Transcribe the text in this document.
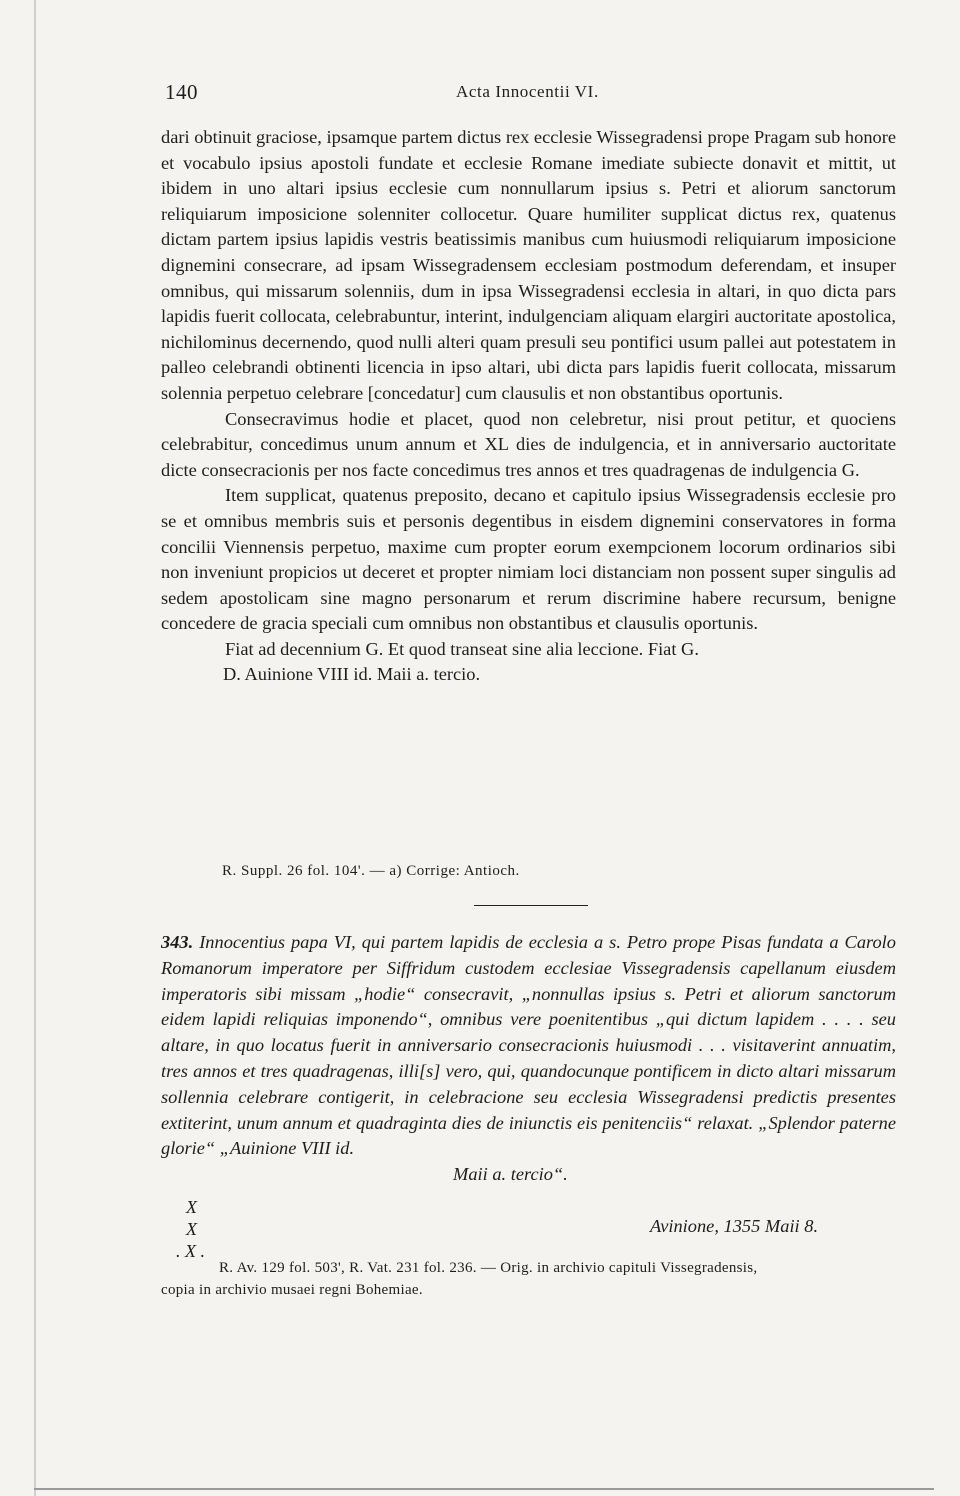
140	Acta Innocentii VI.

dari obtinuit graciose, ipsamque partem dictus rex ecclesie Wissegradensi prope Pragam sub honore et vocabulo ipsius apostoli fundate et ecclesie Romane imediate subiecte donavit et mittit, ut ibidem in uno altari ipsius ecclesie cum nonnullarum ipsius s. Petri et aliorum sanctorum reliquiarum imposicione solenniter collocetur. Quare humiliter supplicat dictus rex, quatenus dictam partem ipsius lapidis vestris beatissimis manibus cum huiusmodi reliquiarum imposicione dignemini consecrare, ad ipsam Wissegradensem ecclesiam postmodum deferendam, et insuper omnibus, qui missarum solenniis, dum in ipsa Wissegradensi ecclesia in altari, in quo dicta pars lapidis fuerit collocata, celebrabuntur, interint, indulgenciam aliquam elargiri auctoritate apostolica, nichilominus decernendo, quod nulli alteri quam presuli seu pontifici usum pallei aut potestatem in palleo celebrandi obtinenti licencia in ipso altari, ubi dicta pars lapidis fuerit collocata, missarum solennia perpetuo celebrare [concedatur] cum clausulis et non obstantibus oportunis.

Consecravimus hodie et placet, quod non celebretur, nisi prout petitur, et quociens celebrabitur, concedimus unum annum et XL dies de indulgencia, et in anniversario auctoritate dicte consecracionis per nos facte concedimus tres annos et tres quadragenas de indulgencia G.

Item supplicat, quatenus preposito, decano et capitulo ipsius Wissegradensis ecclesie pro se et omnibus membris suis et personis degentibus in eisdem dignemini conservatores in forma concilii Viennensis perpetuo, maxime cum propter eorum exempcionem locorum ordinarios sibi non inveniunt propicios ut deceret et propter nimiam loci distanciam non possent super singulis ad sedem apostolicam sine magno personarum et rerum discrimine habere recursum, benigne concedere de gracia speciali cum omnibus non obstantibus et clausulis oportunis.

Fiat ad decennium G. Et quod transeat sine alia leccione. Fiat G.

D. Auinione VIII id. Maii a. tercio.

R. Suppl. 26 fol. 104'. — a) Corrige: Antioch.

343. Innocentius papa VI, qui partem lapidis de ecclesia a s. Petro prope Pisas fundata a Carolo Romanorum imperatore per Siffridum custodem ecclesiae Vissegradensis capellanum eiusdem imperatoris sibi missam „hodie“ consecravit, „nonnullas ipsius s. Petri et aliorum sanctorum eidem lapidi reliquias imponendo“, omnibus vere poenitentibus „qui dictum lapidem . . . . seu altare, in quo locatus fuerit in anniversario consecracionis huiusmodi . . . visitaverint annuatim, tres annos et tres quadragenas, illi[s] vero, qui, quandocunque pontificem in dicto altari missarum sollennia celebrare contigerit, in celebracione seu ecclesia Wissegradensi predictis presentes extiterint, unum annum et quadraginta dies de iniunctis eis penitenciis“ relaxat. „Splendor paterne glorie“ „Auinione VIII id.

Maii a. tercio“.

X
X
. X .
Avinione, 1355 Maii 8.
R. Av. 129 fol. 503', R. Vat. 231 fol. 236. — Orig. in archivio capituli Vissegradensis,
copia in archivio musaei regni Bohemiae.
